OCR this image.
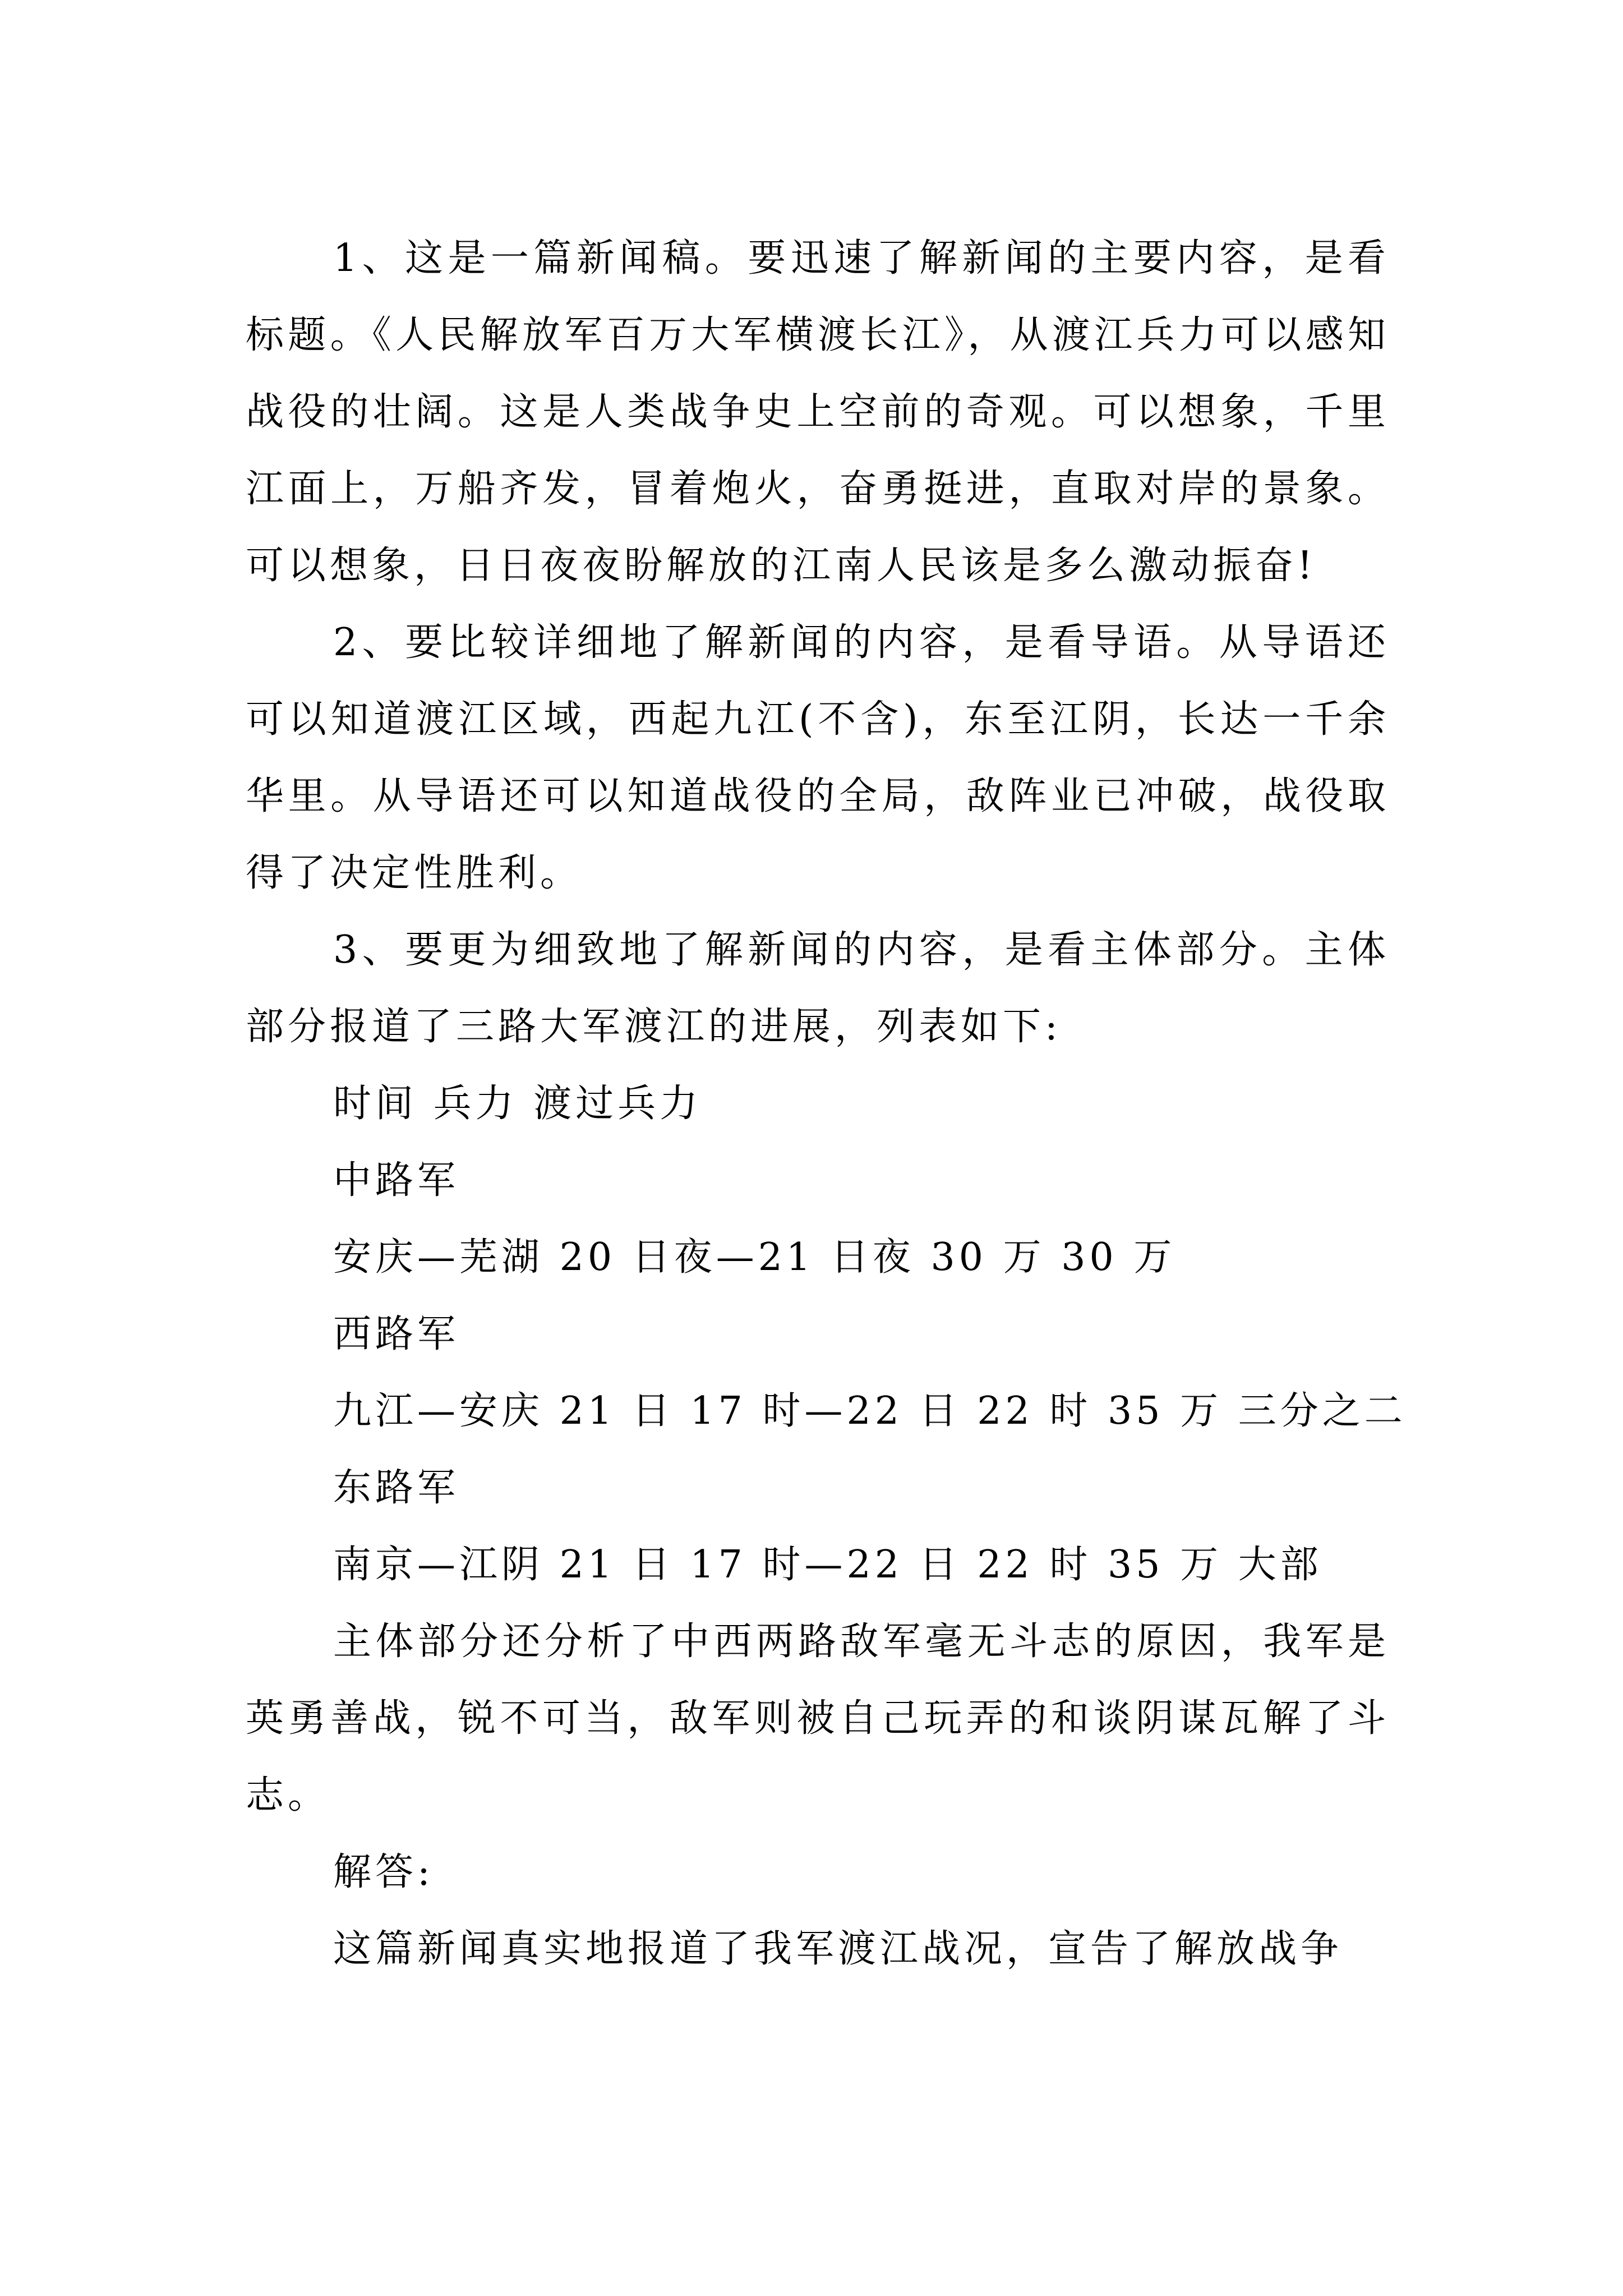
1、这是一篇新闻稿。要迅速了解新闻的主要内容，是看标题。《人民解放军百万大军横渡长江》，从渡江兵力可以感知战役的壮阔。这是人类战争史上空前的奇观。可以想象，千里江面上，万船齐发，冒着炮火，奋勇挺进，直取对岸的景象。可以想象，日日夜夜盼解放的江南人民该是多么激动振奋!

2、要比较详细地了解新闻的内容，是看导语。从导语还可以知道渡江区域，西起九江(不含)，东至江阴，长达一千余华里。从导语还可以知道战役的全局，敌阵业已冲破，战役取得了决定性胜利。

3、要更为细致地了解新闻的内容，是看主体部分。主体部分报道了三路大军渡江的进展，列表如下:

时间 兵力 渡过兵力

中路军

安庆—芜湖 20 日夜—21 日夜 30 万 30 万

西路军

九江—安庆 21 日 17 时—22 日 22 时 35 万 三分之二

东路军

南京—江阴 21 日 17 时—22 日 22 时 35 万 大部

主体部分还分析了中西两路敌军毫无斗志的原因，我军是英勇善战，锐不可当，敌军则被自己玩弄的和谈阴谋瓦解了斗志。

解答:

这篇新闻真实地报道了我军渡江战况，宣告了解放战争
